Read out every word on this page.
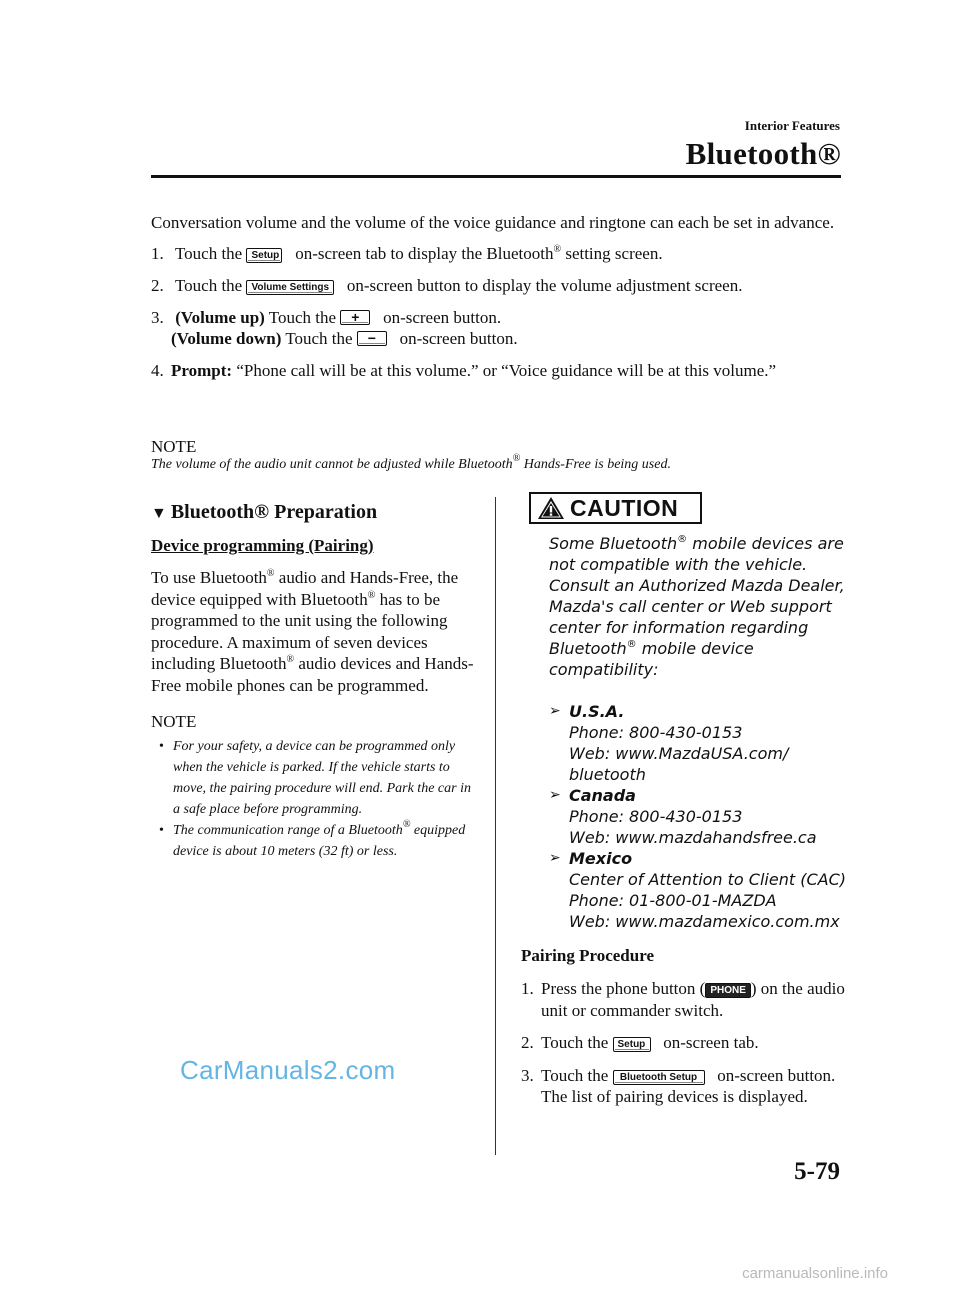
Interior Features
Bluetooth®
Conversation volume and the volume of the voice guidance and ringtone can each be set in advance.
1. Touch the Setup on-screen tab to display the Bluetooth® setting screen.
2. Touch the Volume Settings on-screen button to display the volume adjustment screen.
3. (Volume up) Touch the + on-screen button.
(Volume down) Touch the − on-screen button.
4. Prompt: “Phone call will be at this volume.” or “Voice guidance will be at this volume.”
NOTE
The volume of the audio unit cannot be adjusted while Bluetooth® Hands-Free is being used.
▼ Bluetooth® Preparation
Device programming (Pairing)
To use Bluetooth® audio and Hands-Free, the device equipped with Bluetooth® has to be programmed to the unit using the following procedure. A maximum of seven devices including Bluetooth® audio devices and Hands-Free mobile phones can be programmed.
NOTE
• For your safety, a device can be programmed only when the vehicle is parked. If the vehicle starts to move, the pairing procedure will end. Park the car in a safe place before programming.
• The communication range of a Bluetooth® equipped device is about 10 meters (32 ft) or less.
CAUTION
Some Bluetooth® mobile devices are not compatible with the vehicle. Consult an Authorized Mazda Dealer, Mazda's call center or Web support center for information regarding Bluetooth® mobile device compatibility:
➢ U.S.A.
Phone: 800-430-0153
Web: www.MazdaUSA.com/
bluetooth
➢ Canada
Phone: 800-430-0153
Web: www.mazdahandsfree.ca
➢ Mexico
Center of Attention to Client (CAC)
Phone: 01-800-01-MAZDA
Web: www.mazdamexico.com.mx
Pairing Procedure
1. Press the phone button ( PHONE ) on the audio unit or commander switch.
2. Touch the Setup on-screen tab.
3. Touch the Bluetooth Setup on-screen button. The list of pairing devices is displayed.
CarManuals2.com
5-79
carmanualsonline.info
